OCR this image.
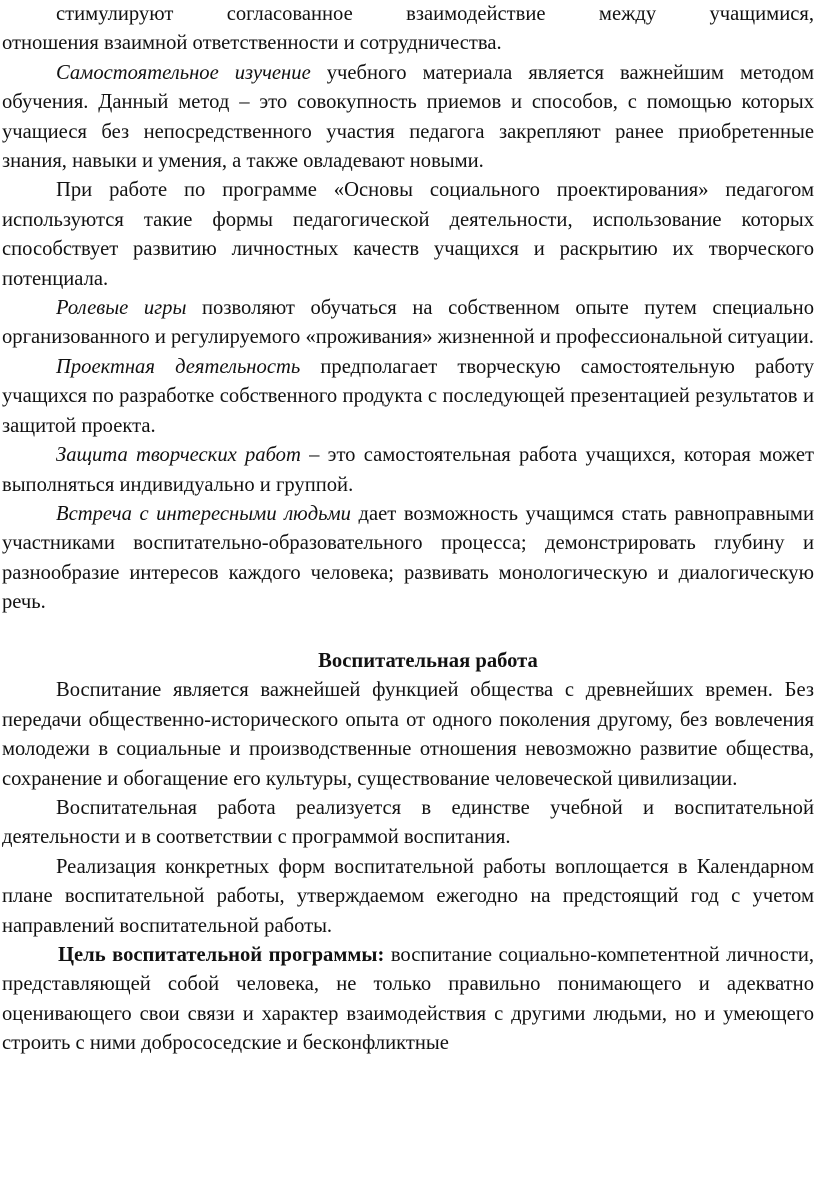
стимулируют согласованное взаимодействие между учащимися,
отношения взаимной ответственности и сотрудничества.

Самостоятельное изучение учебного материала является важнейшим методом обучения. Данный метод – это совокупность приемов и способов, с помощью которых учащиеся без непосредственного участия педагога закрепляют ранее приобретенные знания, навыки и умения, а также овладевают новыми.

При работе по программе «Основы социального проектирования» педагогом используются такие формы педагогической деятельности, использование которых способствует развитию личностных качеств учащихся и раскрытию их творческого потенциала.

Ролевые игры позволяют обучаться на собственном опыте путем специально организованного и регулируемого «проживания» жизненной и профессиональной ситуации.

Проектная деятельность предполагает творческую самостоятельную работу учащихся по разработке собственного продукта с последующей презентацией результатов и защитой проекта.

Защита творческих работ – это самостоятельная работа учащихся, которая может выполняться индивидуально и группой.

Встреча с интересными людьми дает возможность учащимся стать равноправными участниками воспитательно-образовательного процесса; демонстрировать глубину и разнообразие интересов каждого человека; развивать монологическую и диалогическую речь.

Воспитательная работа

Воспитание является важнейшей функцией общества с древнейших времен. Без передачи общественно-исторического опыта от одного поколения другому, без вовлечения молодежи в социальные и производственные отношения невозможно развитие общества, сохранение и обогащение его культуры, существование человеческой цивилизации.

Воспитательная работа реализуется в единстве учебной и воспитательной деятельности и в соответствии с программой воспитания.

Реализация конкретных форм воспитательной работы воплощается в Календарном плане воспитательной работы, утверждаемом ежегодно на предстоящий год с учетом направлений воспитательной работы.

Цель воспитательной программы: воспитание социально-компетентной личности, представляющей собой человека, не только правильно понимающего и адекватно оценивающего свои связи и характер взаимодействия с другими людьми, но и умеющего строить с ними добрососедские и бесконфликтные
